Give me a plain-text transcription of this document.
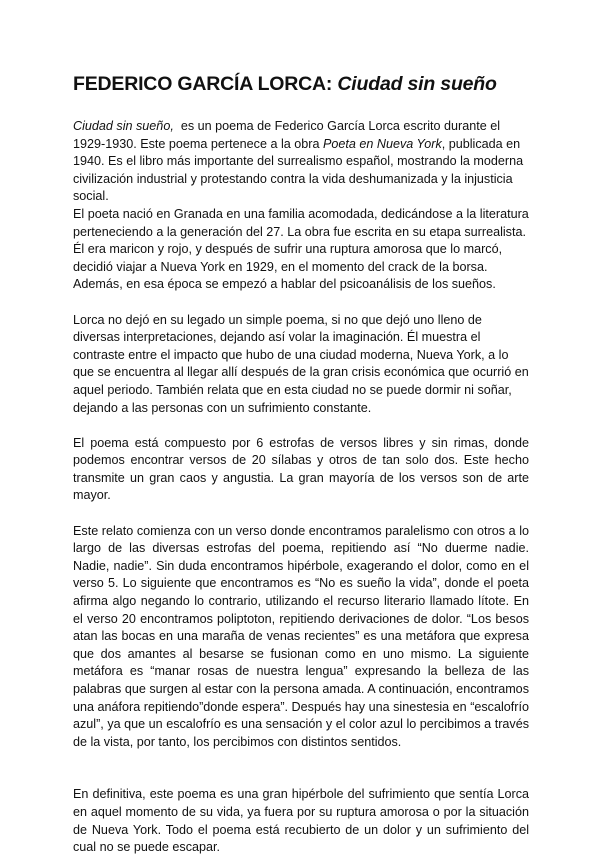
FEDERICO GARCÍA LORCA: Ciudad sin sueño

Ciudad sin sueño,  es un poema de Federico García Lorca escrito durante el 1929-1930. Este poema pertenece a la obra Poeta en Nueva York, publicada en 1940. Es el libro más importante del surrealismo español, mostrando la moderna civilización industrial y protestando contra la vida deshumanizada y la injusticia social.

El poeta nació en Granada en una familia acomodada, dedicándose a la literatura perteneciendo a la generación del 27. La obra fue escrita en su etapa surrealista. Él era maricon y rojo, y después de sufrir una ruptura amorosa que lo marcó, decidió viajar a Nueva York en 1929, en el momento del crack de la borsa. Además, en esa época se empezó a hablar del psicoanálisis de los sueños.

Lorca no dejó en su legado un simple poema, si no que dejó uno lleno de diversas interpretaciones, dejando así volar la imaginación. Él muestra el contraste entre el impacto que hubo de una ciudad moderna, Nueva York, a lo que se encuentra al llegar allí después de la gran crisis económica que ocurrió en aquel periodo. También relata que en esta ciudad no se puede dormir ni soñar, dejando a las personas con un sufrimiento constante.

El poema está compuesto por 6 estrofas de versos libres y sin rimas, donde podemos encontrar versos de 20 sílabas y otros de tan solo dos. Este hecho transmite un gran caos y angustia. La gran mayoría de los versos son de arte mayor.

Este relato comienza con un verso donde encontramos paralelismo con otros a lo largo de las diversas estrofas del poema, repitiendo así “No duerme nadie. Nadie, nadie”. Sin duda encontramos hipérbole, exagerando el dolor, como en el verso 5. Lo siguiente que encontramos es “No es sueño la vida”, donde el poeta afirma algo negando lo contrario, utilizando el recurso literario llamado lítote. En el verso 20 encontramos poliptoton, repitiendo derivaciones de dolor. “Los besos atan las bocas en una maraña de venas recientes” es una metáfora que expresa que dos amantes al besarse se fusionan como en uno mismo. La siguiente metáfora es “manar rosas de nuestra lengua” expresando la belleza de las palabras que surgen al estar con la persona amada. A continuación, encontramos una anáfora repitiendo”donde espera”. Después hay una sinestesia en “escalofrío azul”, ya que un escalofrío es una sensación y el color azul lo percibimos a través de la vista, por tanto, los percibimos con distintos sentidos.

En definitiva, este poema es una gran hipérbole del sufrimiento que sentía Lorca en aquel momento de su vida, ya fuera por su ruptura amorosa o por la situación de Nueva York. Todo el poema está recubierto de un dolor y un sufrimiento del cual no se puede escapar.
